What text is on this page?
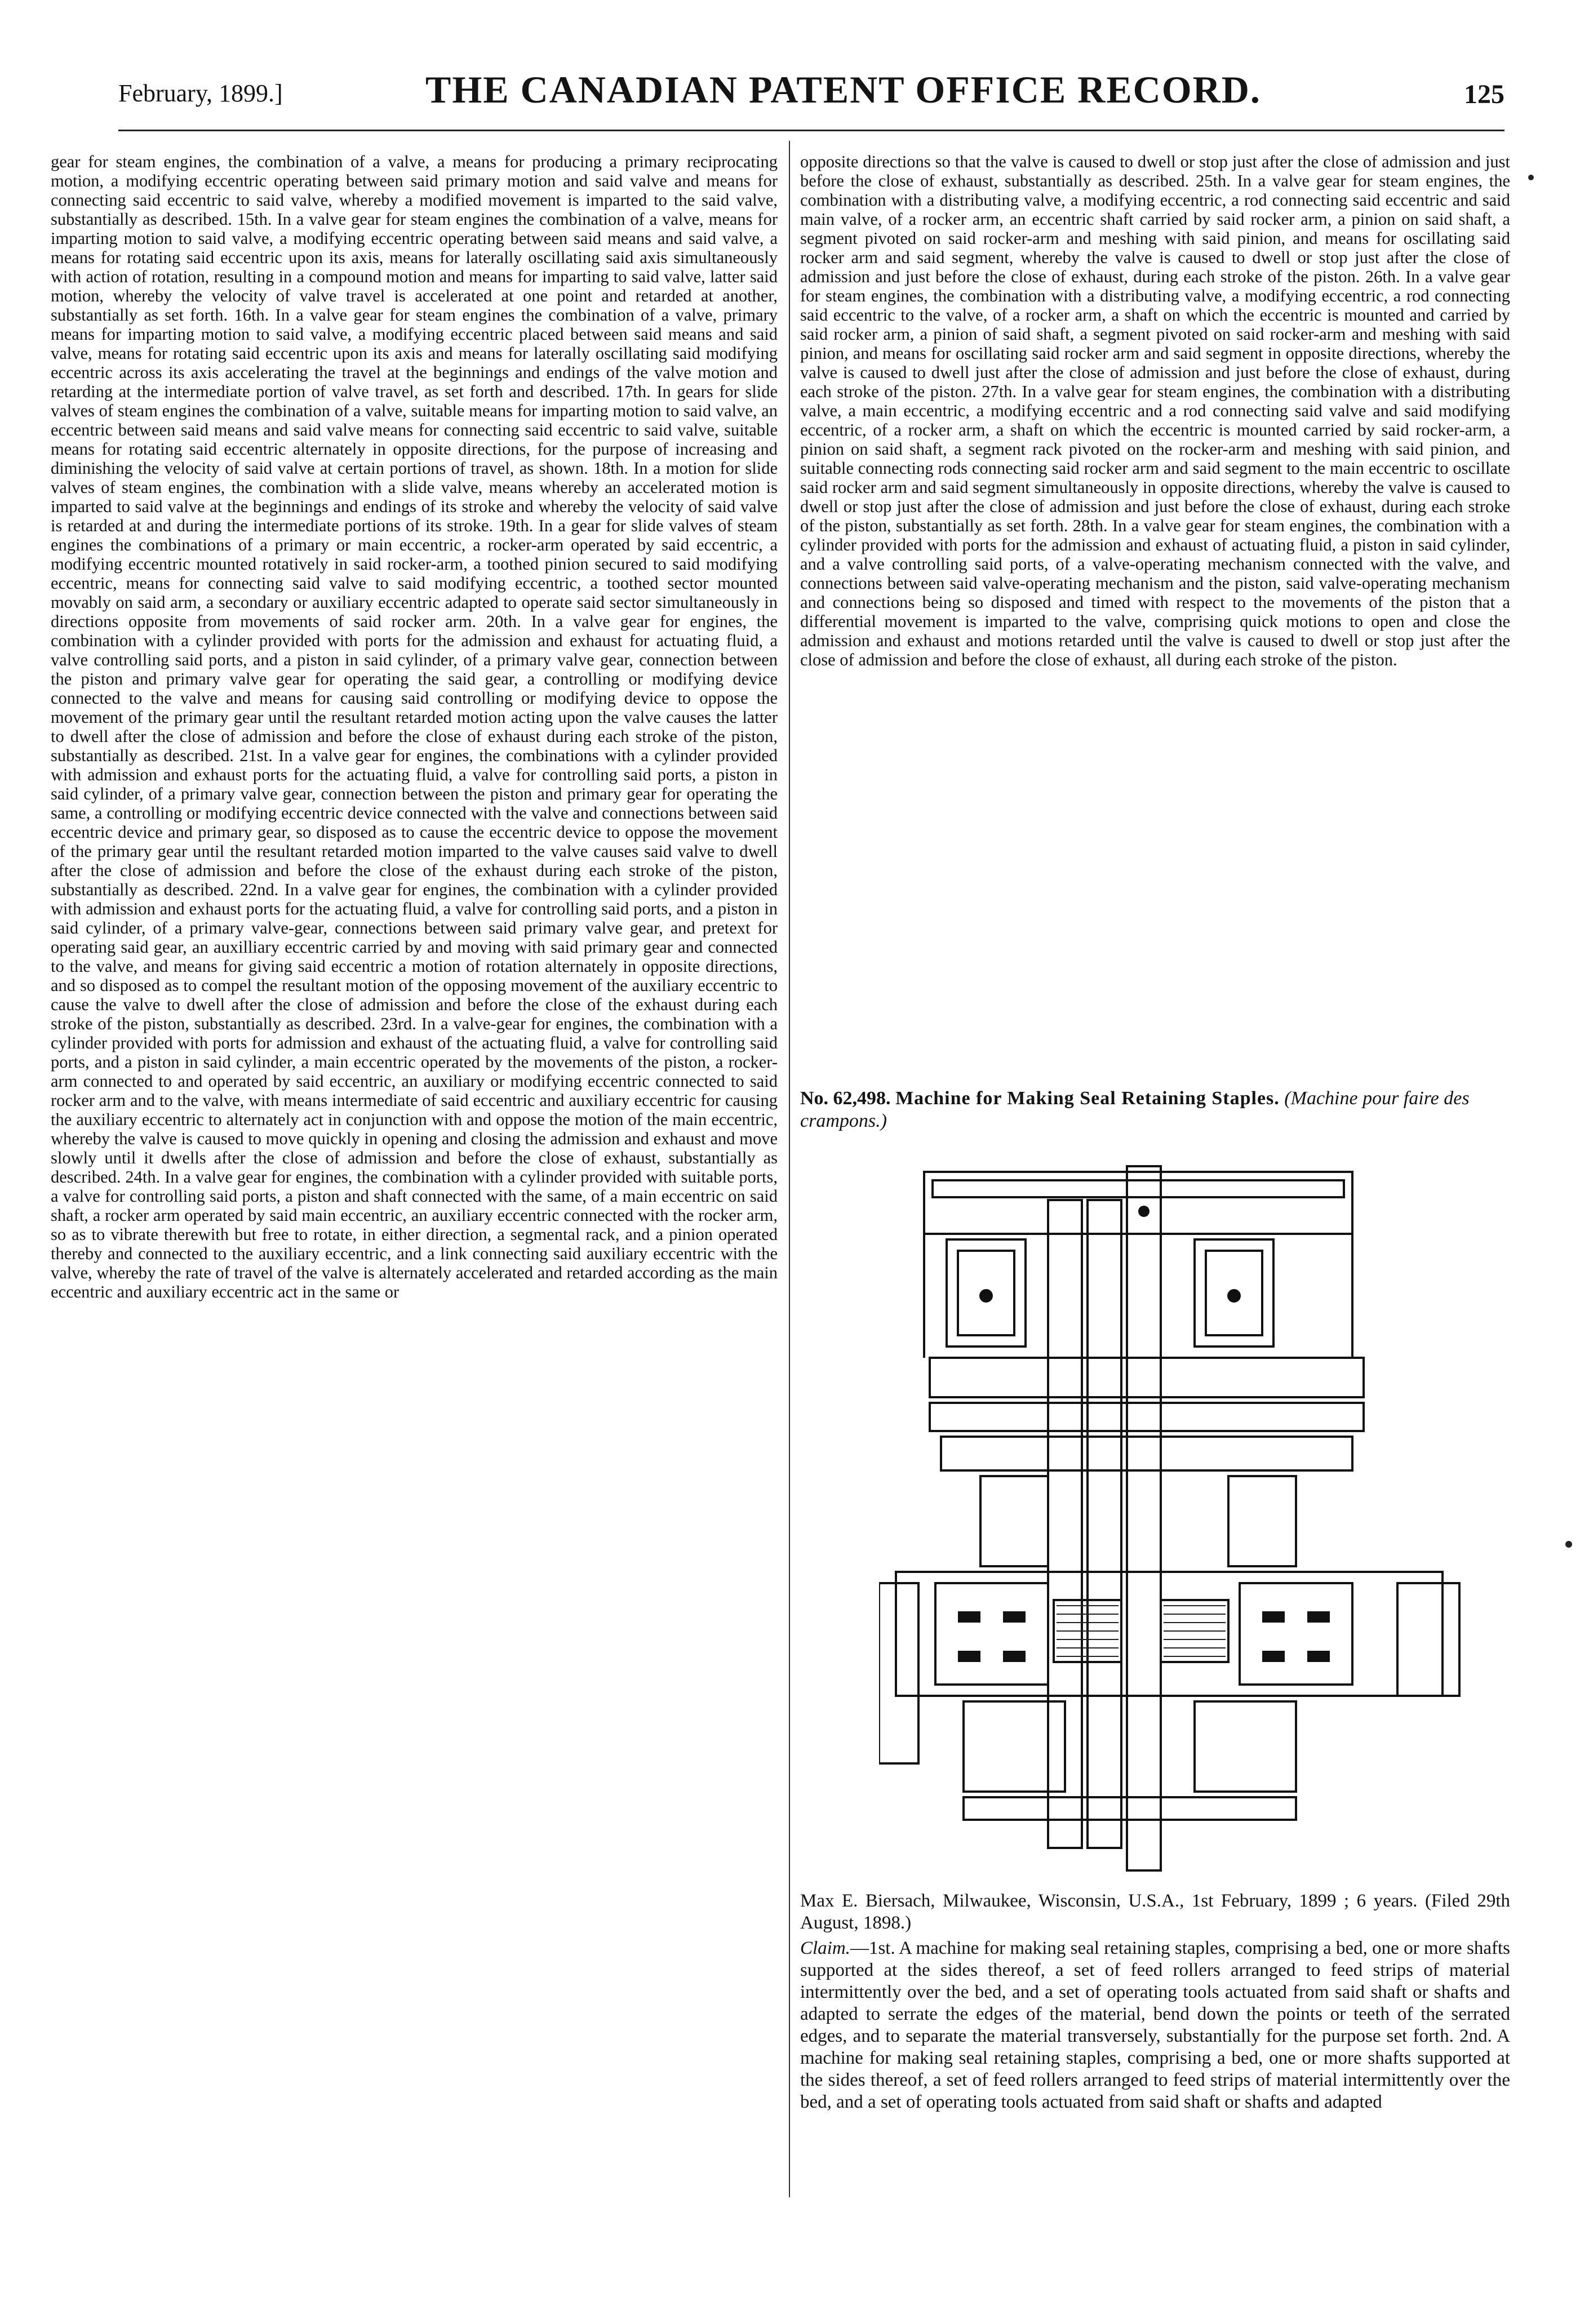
February, 1899.]	THE CANADIAN PATENT OFFICE RECORD.	125
gear for steam engines, the combination of a valve, a means for producing a primary reciprocating motion, a modifying eccentric operating between said primary motion and said valve and means for connecting said eccentric to said valve, whereby a modified movement is imparted to the said valve, substantially as described. 15th. In a valve gear for steam engines the combination of a valve, means for imparting motion to said valve, a modifying eccentric operating between said means and said valve, a means for rotating said eccentric upon its axis, means for laterally oscillating said axis simultaneously with action of rotation, resulting in a compound motion and means for imparting to said valve, latter said motion, whereby the velocity of valve travel is accelerated at one point and retarded at another, substantially as set forth. 16th. In a valve gear for steam engines the combination of a valve, primary means for imparting motion to said valve, a modifying eccentric placed between said means and said valve, means for rotating said eccentric upon its axis and means for laterally oscillating said modifying eccentric across its axis accelerating the travel at the beginnings and endings of the valve motion and retarding at the intermediate portion of valve travel, as set forth and described. 17th. In gears for slide valves of steam engines the combination of a valve, suitable means for imparting motion to said valve, an eccentric between said means and said valve means for connecting said eccentric to said valve, suitable means for rotating said eccentric alternately in opposite directions, for the purpose of increasing and diminishing the velocity of said valve at certain portions of travel, as shown. 18th. In a motion for slide valves of steam engines, the combination with a slide valve, means whereby an accelerated motion is imparted to said valve at the beginnings and endings of its stroke and whereby the velocity of said valve is retarded at and during the intermediate portions of its stroke. 19th. In a gear for slide valves of steam engines the combinations of a primary or main eccentric, a rocker-arm operated by said eccentric, a modifying eccentric mounted rotatively in said rocker-arm, a toothed pinion secured to said modifying eccentric, means for connecting said valve to said modifying eccentric, a toothed sector mounted movably on said arm, a secondary or auxiliary eccentric adapted to operate said sector simultaneously in directions opposite from movements of said rocker arm. 20th. In a valve gear for engines, the combination with a cylinder provided with ports for the admission and exhaust for actuating fluid, a valve controlling said ports, and a piston in said cylinder, of a primary valve gear, connection between the piston and primary valve gear for operating the said gear, a controlling or modifying device connected to the valve and means for causing said controlling or modifying device to oppose the movement of the primary gear until the resultant retarded motion acting upon the valve causes the latter to dwell after the close of admission and before the close of exhaust during each stroke of the piston, substantially as described. 21st. In a valve gear for engines, the combinations with a cylinder provided with admission and exhaust ports for the actuating fluid, a valve for controlling said ports, a piston in said cylinder, of a primary valve gear, connection between the piston and primary gear for operating the same, a controlling or modifying eccentric device connected with the valve and connections between said eccentric device and primary gear, so disposed as to cause the eccentric device to oppose the movement of the primary gear until the resultant retarded motion imparted to the valve causes said valve to dwell after the close of admission and before the close of the exhaust during each stroke of the piston, substantially as described. 22nd. In a valve gear for engines, the combination with a cylinder provided with admission and exhaust ports for the actuating fluid, a valve for controlling said ports, and a piston in said cylinder, of a primary valve-gear, connections between said primary valve gear, and pretext for operating said gear, an auxilliary eccentric carried by and moving with said primary gear and connected to the valve, and means for giving said eccentric a motion of rotation alternately in opposite directions, and so disposed as to compel the resultant motion of the opposing movement of the auxiliary eccentric to cause the valve to dwell after the close of admission and before the close of the exhaust during each stroke of the piston, substantially as described. 23rd. In a valve-gear for engines, the combination with a cylinder provided with ports for admission and exhaust of the actuating fluid, a valve for controlling said ports, and a piston in said cylinder, a main eccentric operated by the movements of the piston, a rocker-arm connected to and operated by said eccentric, an auxiliary or modifying eccentric connected to said rocker arm and to the valve, with means intermediate of said eccentric and auxiliary eccentric for causing the auxiliary eccentric to alternately act in conjunction with and oppose the motion of the main eccentric, whereby the valve is caused to move quickly in opening and closing the admission and exhaust and move slowly until it dwells after the close of admission and before the close of exhaust, substantially as described. 24th. In a valve gear for engines, the combination with a cylinder provided with suitable ports, a valve for controlling said ports, a piston and shaft connected with the same, of a main eccentric on said shaft, a rocker arm operated by said main eccentric, an auxiliary eccentric connected with the rocker arm, so as to vibrate therewith but free to rotate, in either direction, a segmental rack, and a pinion operated thereby and connected to the auxiliary eccentric, and a link connecting said auxiliary eccentric with the valve, whereby the rate of travel of the valve is alternately accelerated and retarded according as the main eccentric and auxiliary eccentric act in the same or
opposite directions so that the valve is caused to dwell or stop just after the close of admission and just before the close of exhaust, substantially as described. 25th. In a valve gear for steam engines, the combination with a distributing valve, a modifying eccentric, a rod connecting said eccentric and said main valve, of a rocker arm, an eccentric shaft carried by said rocker arm, a pinion on said shaft, a segment pivoted on said rocker-arm and meshing with said pinion, and means for oscillating said rocker arm and said segment, whereby the valve is caused to dwell or stop just after the close of admission and just before the close of exhaust, during each stroke of the piston. 26th. In a valve gear for steam engines, the combination with a distributing valve, a modifying eccentric, a rod connecting said eccentric to the valve, of a rocker arm, a shaft on which the eccentric is mounted and carried by said rocker arm, a pinion of said shaft, a segment pivoted on said rocker-arm and meshing with said pinion, and means for oscillating said rocker arm and said segment in opposite directions, whereby the valve is caused to dwell just after the close of admission and just before the close of exhaust, during each stroke of the piston. 27th. In a valve gear for steam engines, the combination with a distributing valve, a main eccentric, a modifying eccentric and a rod connecting said valve and said modifying eccentric, of a rocker arm, a shaft on which the eccentric is mounted carried by said rocker-arm, a pinion on said shaft, a segment rack pivoted on the rocker-arm and meshing with said pinion, and suitable connecting rods connecting said rocker arm and said segment to the main eccentric to oscillate said rocker arm and said segment simultaneously in opposite directions, whereby the valve is caused to dwell or stop just after the close of admission and just before the close of exhaust, during each stroke of the piston, substantially as set forth. 28th. In a valve gear for steam engines, the combination with a cylinder provided with ports for the admission and exhaust of actuating fluid, a piston in said cylinder, and a valve controlling said ports, of a valve-operating mechanism connected with the valve, and connections between said valve-operating mechanism and the piston, said valve-operating mechanism and connections being so disposed and timed with respect to the movements of the piston that a differential movement is imparted to the valve, comprising quick motions to open and close the admission and exhaust and motions retarded until the valve is caused to dwell or stop just after the close of admission and before the close of exhaust, all during each stroke of the piston.
No. 62,498. Machine for Making Seal Retaining Staples. (Machine pour faire des crampons.)

Max E. Biersach, Milwaukee, Wisconsin, U.S.A., 1st February, 1899 ; 6 years. (Filed 29th August, 1898.)

Claim.—1st. A machine for making seal retaining staples, comprising a bed, one or more shafts supported at the sides thereof, a set of feed rollers arranged to feed strips of material intermittently over the bed, and a set of operating tools actuated from said shaft or shafts and adapted to serrate the edges of the material, bend down the points or teeth of the serrated edges, and to separate the material transversely, substantially for the purpose set forth. 2nd. A machine for making seal retaining staples, comprising a bed, one or more shafts supported at the sides thereof, a set of feed rollers arranged to feed strips of material intermittently over the bed, and a set of operating tools actuated from said shaft or shafts and adapted
